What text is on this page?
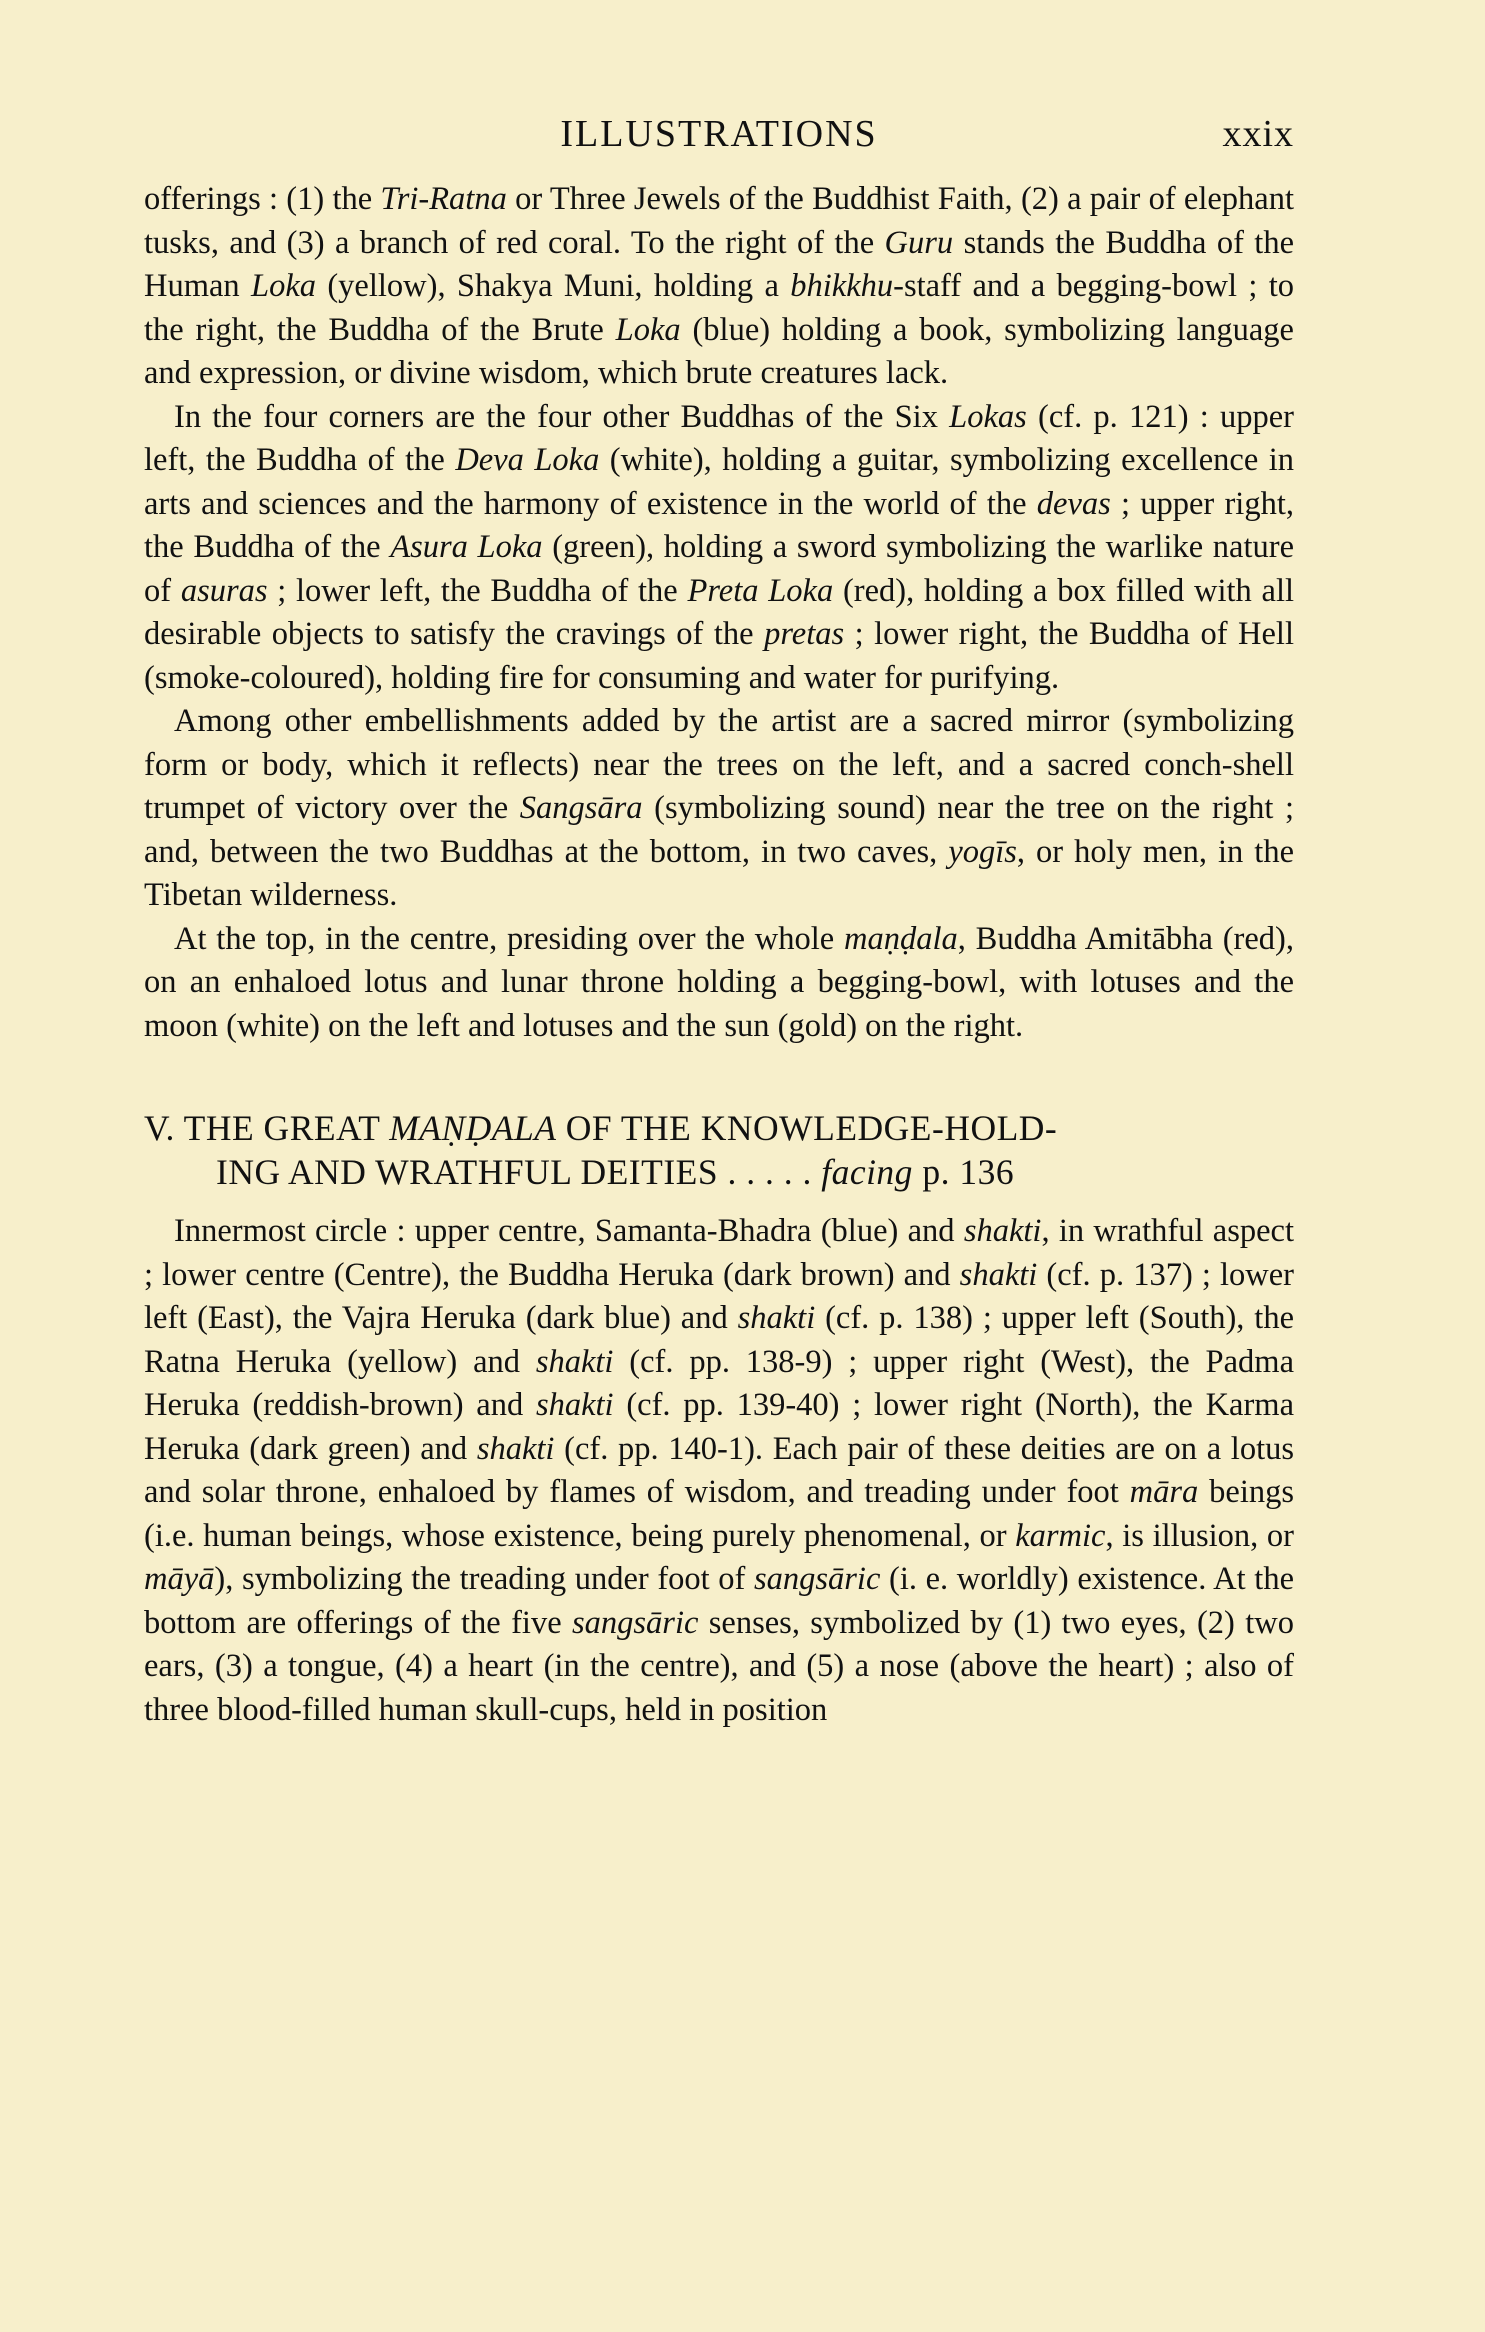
ILLUSTRATIONS	xxix

offerings : (1) the Tri-Ratna or Three Jewels of the Buddhist Faith, (2) a pair of elephant tusks, and (3) a branch of red coral. To the right of the Guru stands the Buddha of the Human Loka (yellow), Shakya Muni, holding a bhikkhu-staff and a begging-bowl ; to the right, the Buddha of the Brute Loka (blue) holding a book, symbolizing language and expression, or divine wisdom, which brute creatures lack.

In the four corners are the four other Buddhas of the Six Lokas (cf. p. 121) : upper left, the Buddha of the Deva Loka (white), holding a guitar, symbolizing excellence in arts and sciences and the harmony of existence in the world of the devas ; upper right, the Buddha of the Asura Loka (green), holding a sword symbolizing the warlike nature of asuras ; lower left, the Buddha of the Preta Loka (red), holding a box filled with all desirable objects to satisfy the cravings of the pretas ; lower right, the Buddha of Hell (smoke-coloured), holding fire for consuming and water for purifying.

Among other embellishments added by the artist are a sacred mirror (symbolizing form or body, which it reflects) near the trees on the left, and a sacred conch-shell trumpet of victory over the Sangsāra (symbolizing sound) near the tree on the right ; and, between the two Buddhas at the bottom, in two caves, yogīs, or holy men, in the Tibetan wilderness.

At the top, in the centre, presiding over the whole maṇḍala, Buddha Amitābha (red), on an enhaloed lotus and lunar throne holding a begging-bowl, with lotuses and the moon (white) on the left and lotuses and the sun (gold) on the right.

V. THE GREAT MAṆḌALA OF THE KNOWLEDGE-HOLD-
ING AND WRATHFUL DEITIES . . . . . facing p. 136

Innermost circle : upper centre, Samanta-Bhadra (blue) and shakti, in wrathful aspect ; lower centre (Centre), the Buddha Heruka (dark brown) and shakti (cf. p. 137) ; lower left (East), the Vajra Heruka (dark blue) and shakti (cf. p. 138) ; upper left (South), the Ratna Heruka (yellow) and shakti (cf. pp. 138-9) ; upper right (West), the Padma Heruka (reddish-brown) and shakti (cf. pp. 139-40) ; lower right (North), the Karma Heruka (dark green) and shakti (cf. pp. 140-1). Each pair of these deities are on a lotus and solar throne, enhaloed by flames of wisdom, and treading under foot māra beings (i.e. human beings, whose existence, being purely phenomenal, or karmic, is illusion, or māyā), symbolizing the treading under foot of sangsāric (i. e. worldly) existence. At the bottom are offerings of the five sangsāric senses, symbolized by (1) two eyes, (2) two ears, (3) a tongue, (4) a heart (in the centre), and (5) a nose (above the heart) ; also of three blood-filled human skull-cups, held in position
